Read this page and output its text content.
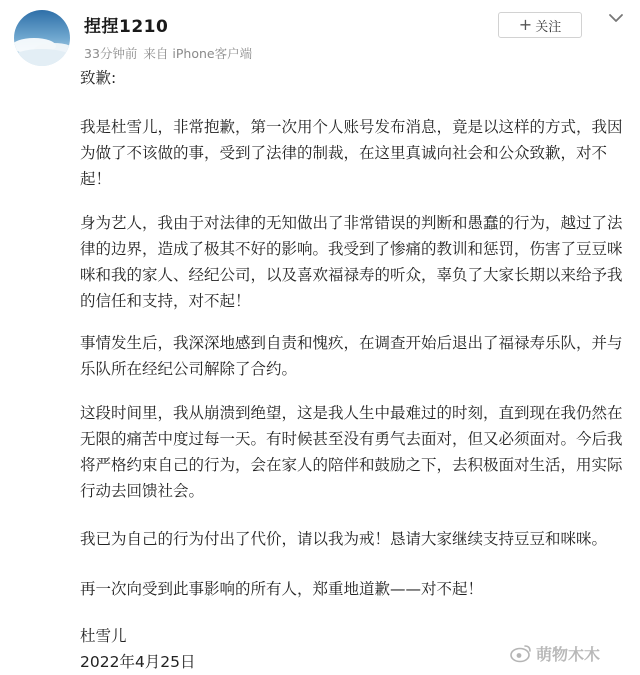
捏捏1210
33分钟前 来自 iPhone客户端
+ 关注
致歉:

我是杜雪儿，非常抱歉，第一次用个人账号发布消息，竟是以这样的方式，我因为做了不该做的事，受到了法律的制裁，在这里真诚向社会和公众致歉，对不起！

身为艺人，我由于对法律的无知做出了非常错误的判断和愚蠢的行为，越过了法律的边界，造成了极其不好的影响。我受到了惨痛的教训和惩罚，伤害了豆豆咪咪和我的家人、经纪公司，以及喜欢福禄寿的听众，辜负了大家长期以来给予我的信任和支持，对不起！

事情发生后，我深深地感到自责和愧疚，在调查开始后退出了福禄寿乐队，并与乐队所在经纪公司解除了合约。

这段时间里，我从崩溃到绝望，这是我人生中最难过的时刻，直到现在我仍然在无限的痛苦中度过每一天。有时候甚至没有勇气去面对，但又必须面对。今后我将严格约束自己的行为，会在家人的陪伴和鼓励之下，去积极面对生活，用实际行动去回馈社会。

我已为自己的行为付出了代价，请以我为戒！恳请大家继续支持豆豆和咪咪。

再一次向受到此事影响的所有人，郑重地道歉——对不起！

杜雪儿
2022年4月25日	萌物木木
